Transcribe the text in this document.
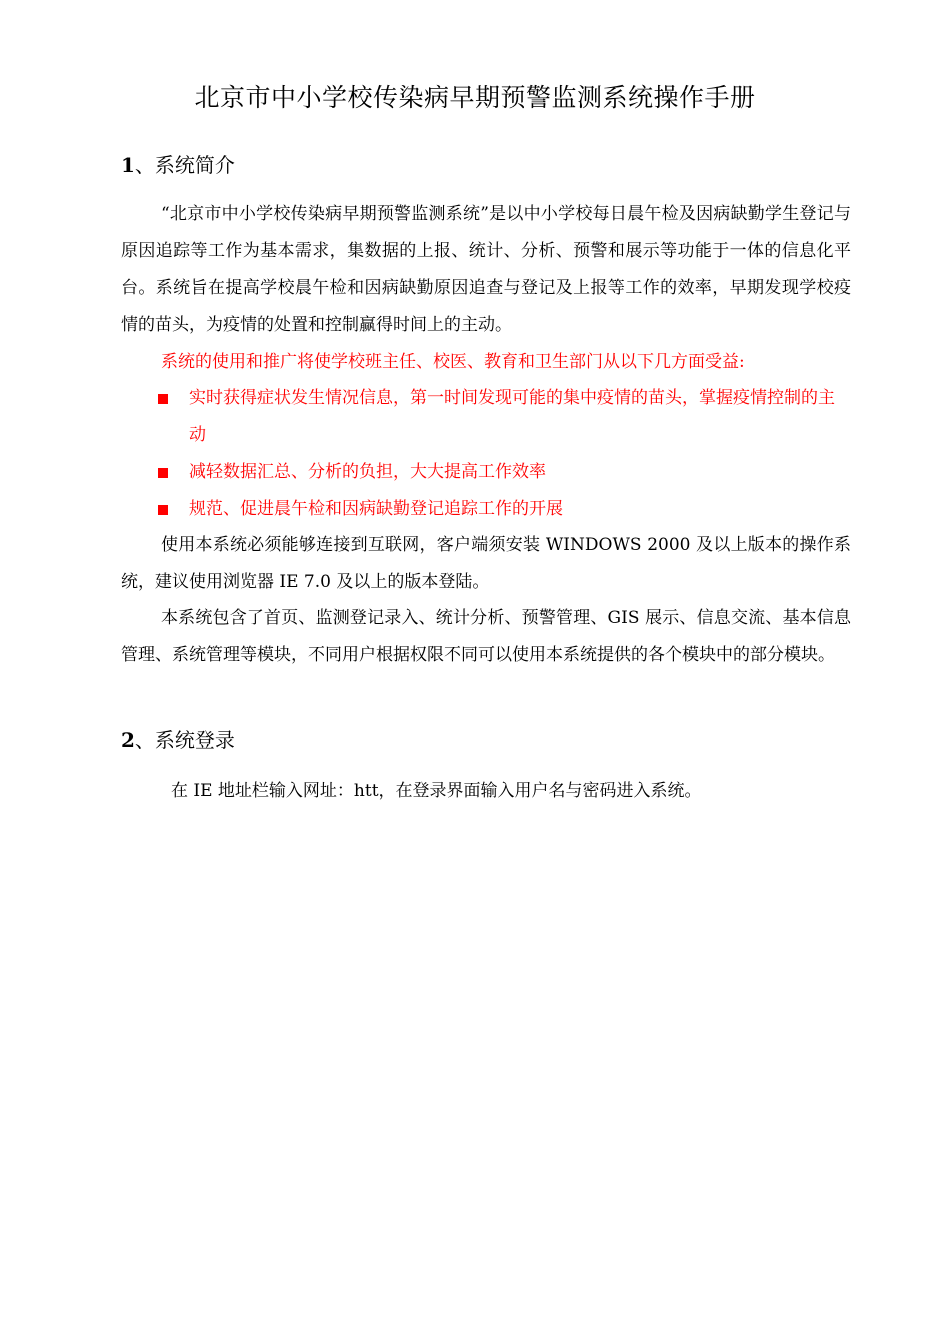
北京市中小学校传染病早期预警监测系统操作手册
1、系统简介

“北京市中小学校传染病早期预警监测系统”是以中小学校每日晨午检及因病缺勤学生登记与原因追踪等工作为基本需求，集数据的上报、统计、分析、预警和展示等功能于一体的信息化平台。系统旨在提高学校晨午检和因病缺勤原因追查与登记及上报等工作的效率，早期发现学校疫情的苗头，为疫情的处置和控制赢得时间上的主动。

系统的使用和推广将使学校班主任、校医、教育和卫生部门从以下几方面受益:

实时获得症状发生情况信息，第一时间发现可能的集中疫情的苗头，掌握疫情控制的主动
减轻数据汇总、分析的负担，大大提高工作效率
规范、促进晨午检和因病缺勤登记追踪工作的开展

使用本系统必须能够连接到互联网，客户端须安装 WINDOWS 2000 及以上版本的操作系统，建议使用浏览器 IE 7.0 及以上的版本登陆。

本系统包含了首页、监测登记录入、统计分析、预警管理、GIS 展示、信息交流、基本信息管理、系统管理等模块，不同用户根据权限不同可以使用本系统提供的各个模块中的部分模块。

2、系统登录

在 IE 地址栏输入网址：htt，在登录界面输入用户名与密码进入系统。
